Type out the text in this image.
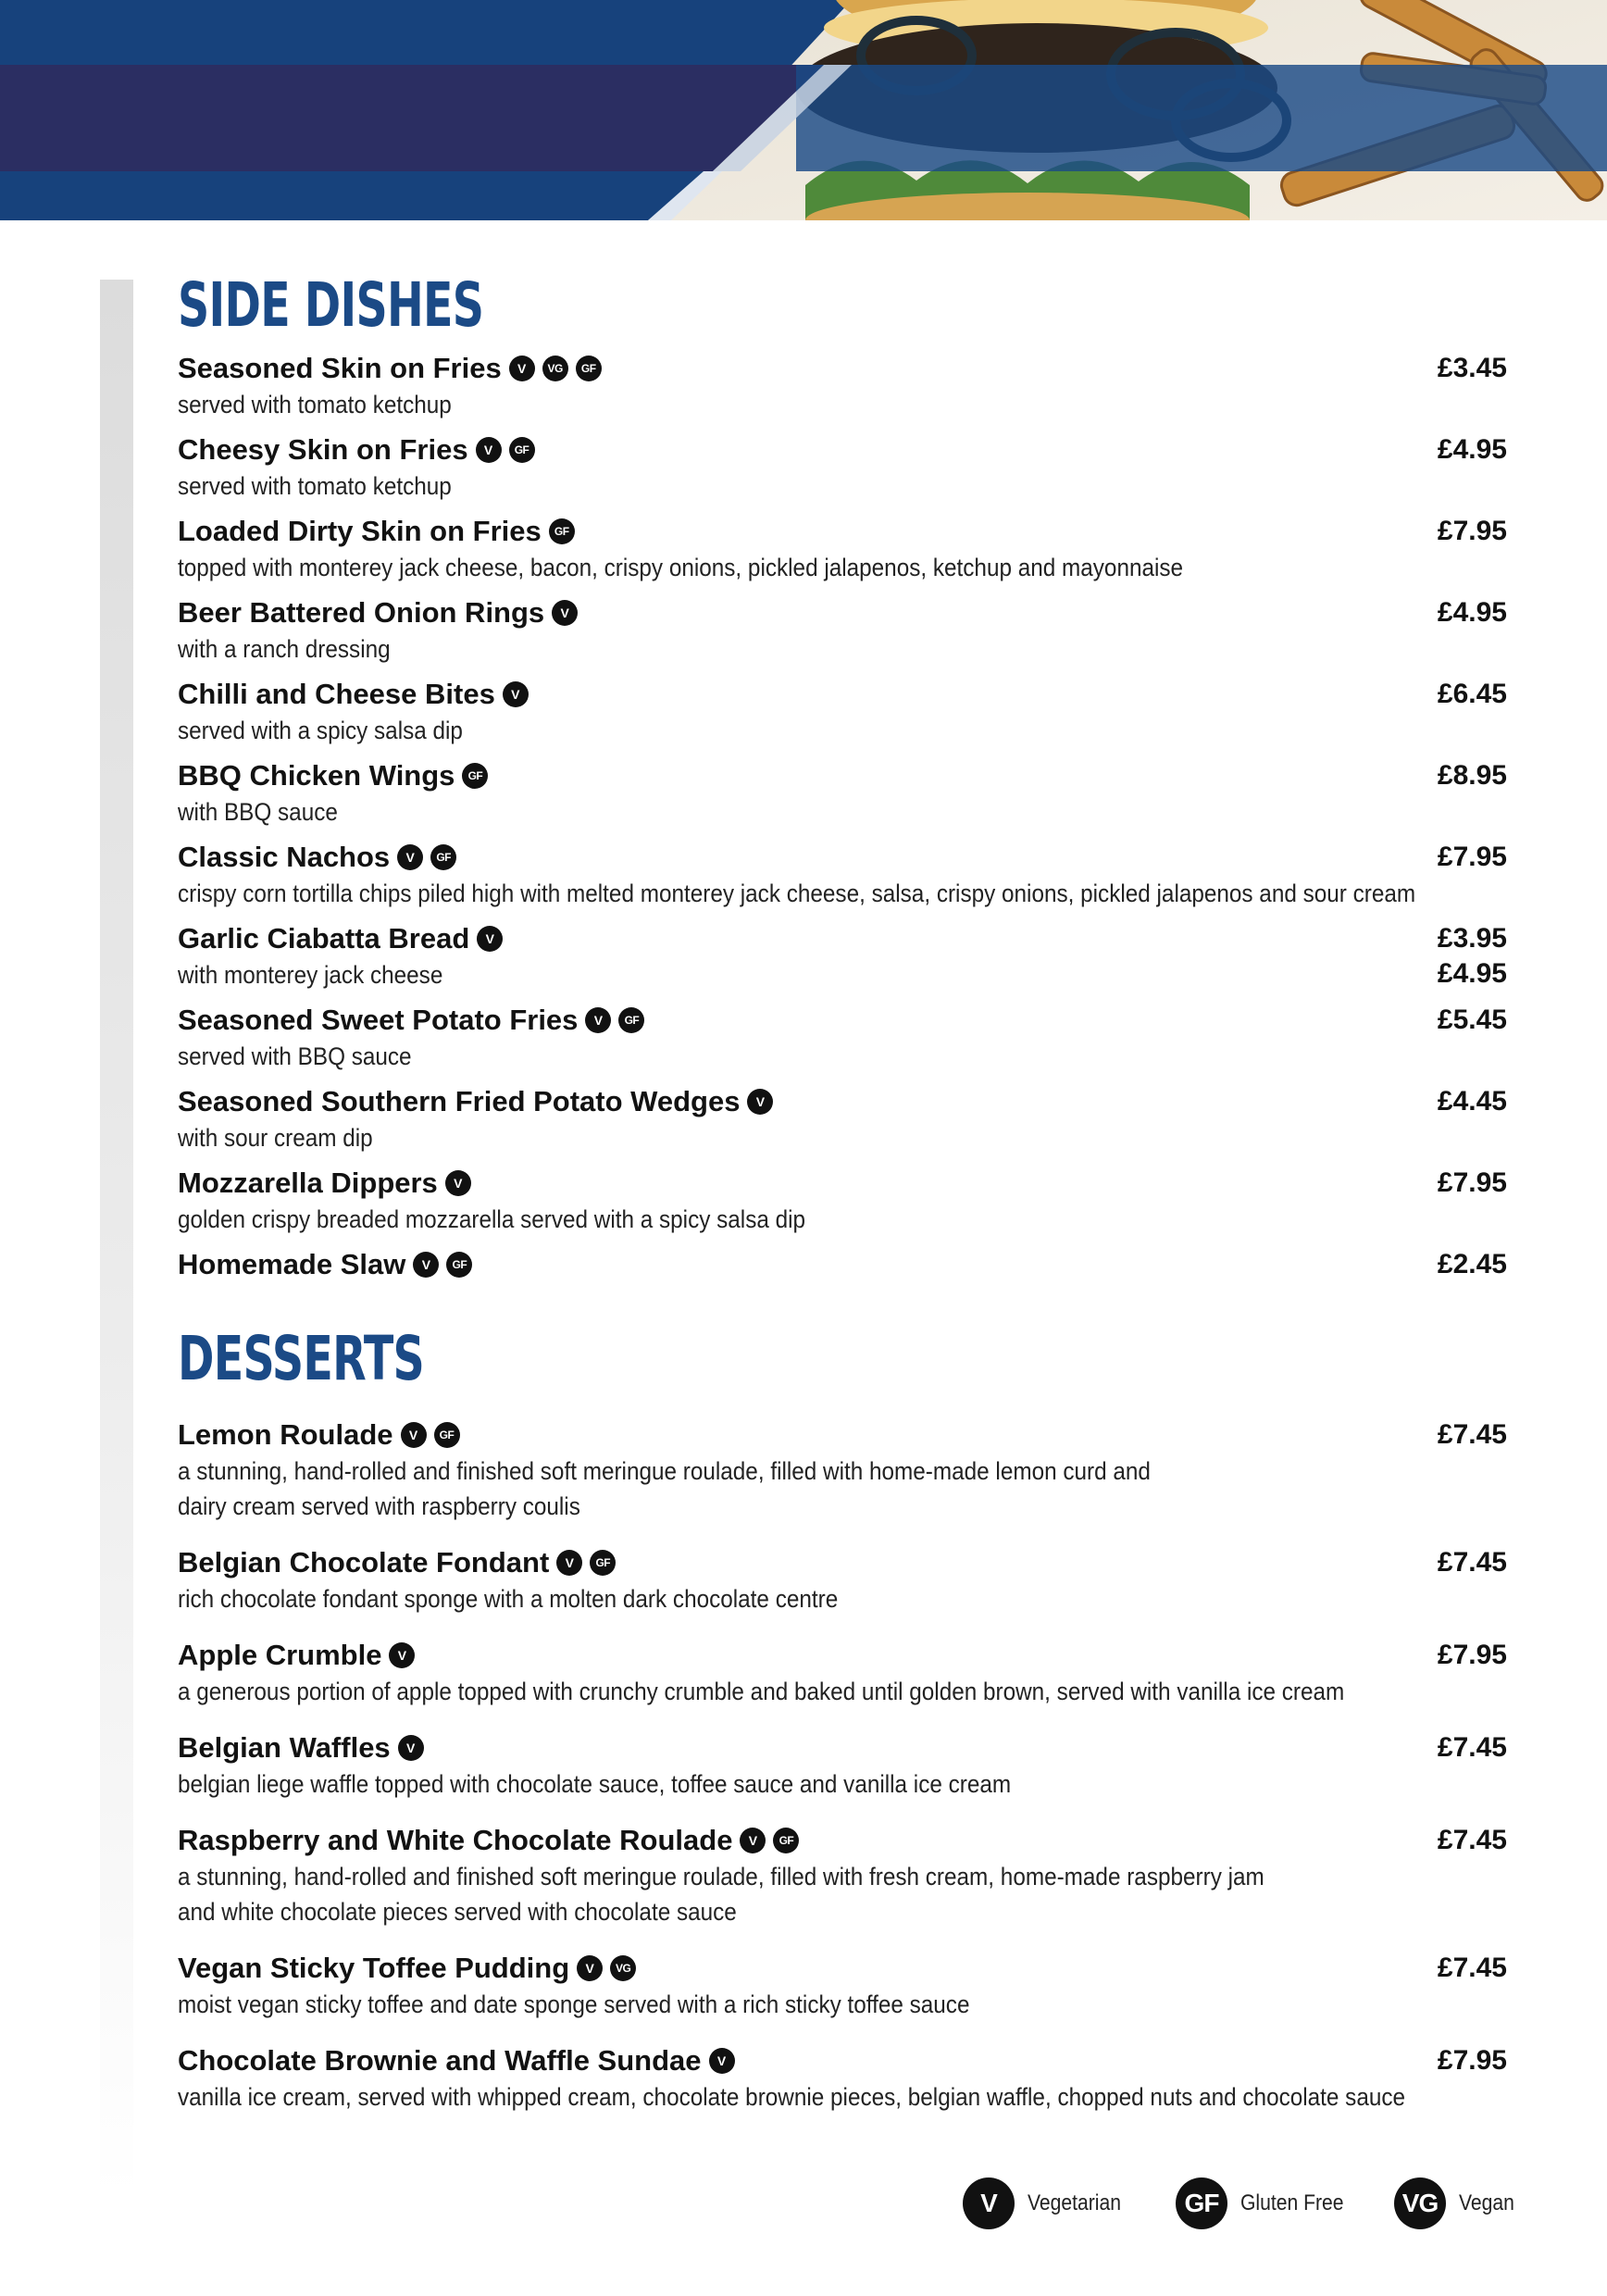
SIDE DISHES
Seasoned Skin on Fries	V	VG	GF
served with tomato ketchup
£3.45
Cheesy Skin on Fries	V	GF
served with tomato ketchup
£4.95
Loaded Dirty Skin on Fries	GF
topped with monterey jack cheese, bacon, crispy onions, pickled jalapenos, ketchup and mayonnaise
£7.95
Beer Battered Onion Rings	V
with a ranch dressing
£4.95
Chilli and Cheese Bites	V
served with a spicy salsa dip
£6.45
BBQ Chicken Wings	GF
with BBQ sauce
£8.95
Classic Nachos	V	GF
crispy corn tortilla chips piled high with melted monterey jack cheese, salsa, crispy onions, pickled jalapenos and sour cream
£7.95
Garlic Ciabatta Bread	V
with monterey jack cheese
£3.95
£4.95
Seasoned Sweet Potato Fries	V	GF
served with BBQ sauce
£5.45
Seasoned Southern Fried Potato Wedges	V
with sour cream dip
£4.45
Mozzarella Dippers	V
golden crispy breaded mozzarella served with a spicy salsa dip
£7.95
Homemade Slaw	V	GF	£2.45
DESSERTS
Lemon Roulade	V	GF
a stunning, hand-rolled and finished soft meringue roulade, filled with home-made lemon curd and
dairy cream served with raspberry coulis
£7.45
Belgian Chocolate Fondant	V	GF
rich chocolate fondant sponge with a molten dark chocolate centre
£7.45
Apple Crumble	V
a generous portion of apple topped with crunchy crumble and baked until golden brown, served with vanilla ice cream
£7.95
Belgian Waffles	V
belgian liege waffle topped with chocolate sauce, toffee sauce and vanilla ice cream
£7.45
Raspberry and White Chocolate Roulade	V	GF
a stunning, hand-rolled and finished soft meringue roulade, filled with fresh cream, home-made raspberry jam
and white chocolate pieces served with chocolate sauce
£7.45
Vegan Sticky Toffee Pudding	V	VG
moist vegan sticky toffee and date sponge served with a rich sticky toffee sauce
£7.45
Chocolate Brownie and Waffle Sundae	V
vanilla ice cream, served with whipped cream, chocolate brownie pieces, belgian waffle, chopped nuts and chocolate sauce
£7.95
V	Vegetarian	GF Gluten Free	VG Vegan
